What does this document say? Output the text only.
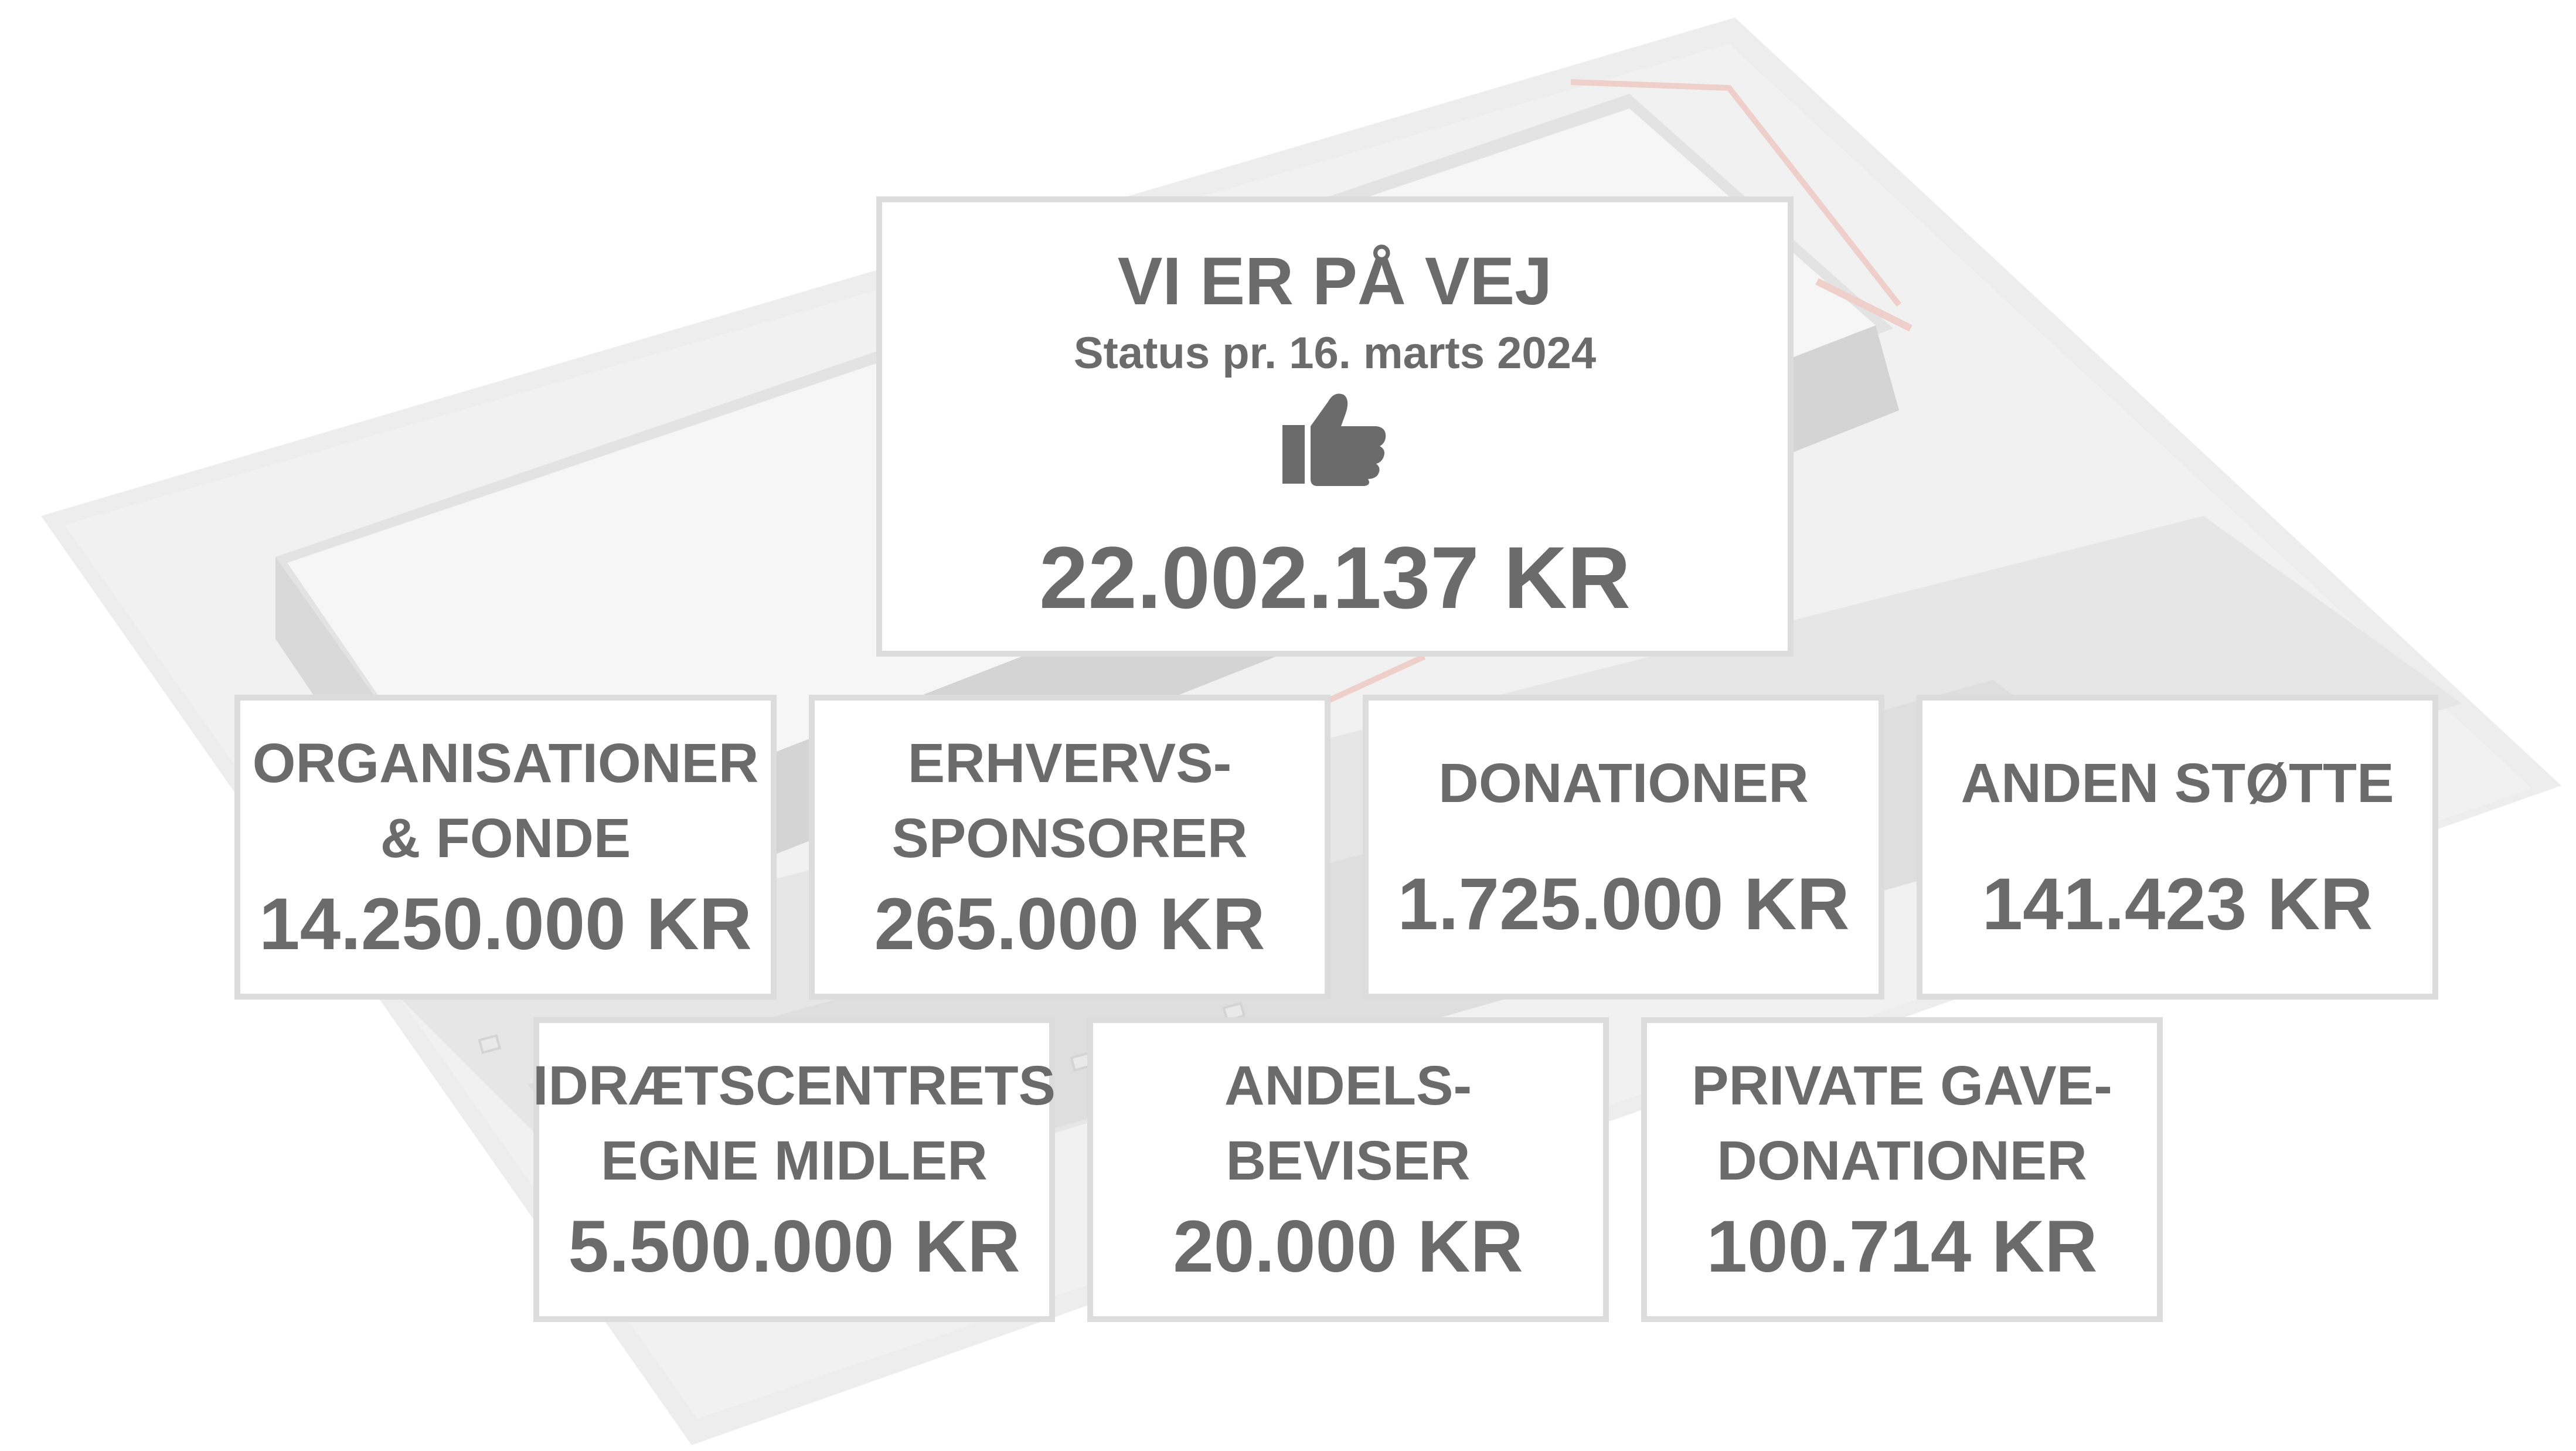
VI ER PÅ VEJ
Status pr. 16. marts 2024
22.002.137 KR
ORGANISATIONER
& FONDE
14.250.000 KR
ERHVERVS-
SPONSORER
265.000 KR
DONATIONER
1.725.000 KR
ANDEN STØTTE
141.423 KR
IDRÆTSCENTRETS
EGNE MIDLER
5.500.000 KR
ANDELS-
BEVISER
20.000 KR
PRIVATE GAVE-
DONATIONER
100.714 KR
